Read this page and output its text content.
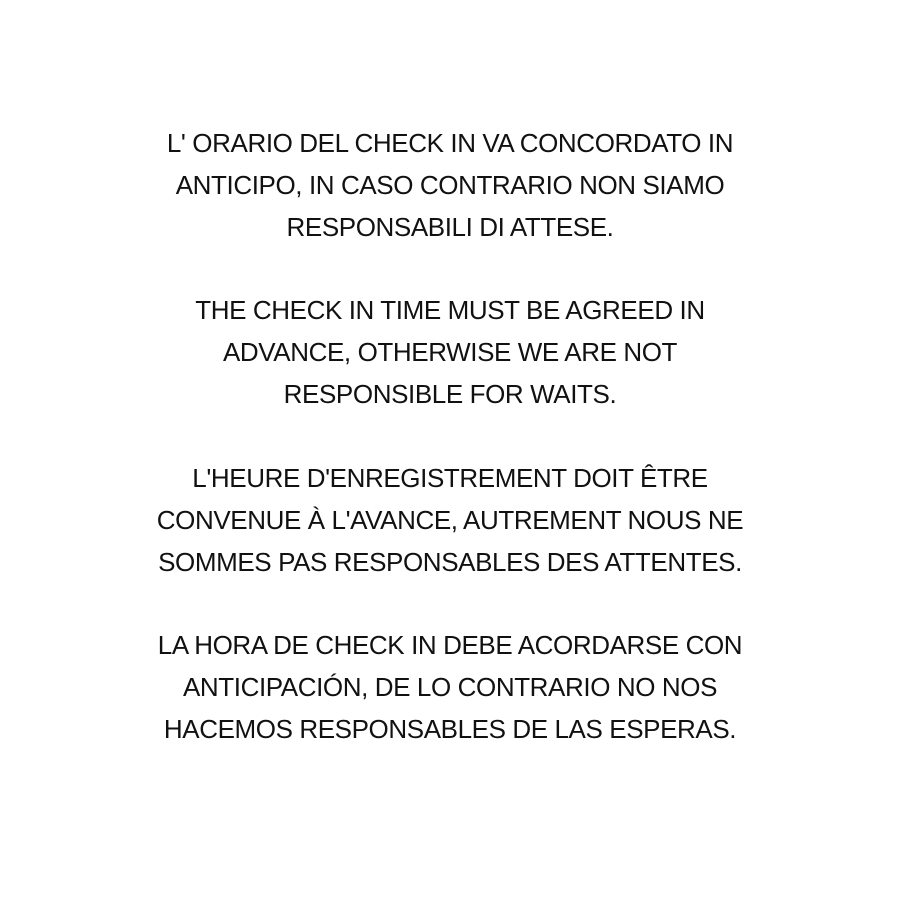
L' ORARIO DEL CHECK IN VA CONCORDATO IN
ANTICIPO, IN CASO CONTRARIO NON SIAMO
RESPONSABILI DI ATTESE.
THE CHECK IN TIME MUST BE AGREED IN
ADVANCE, OTHERWISE WE ARE NOT
RESPONSIBLE FOR WAITS.
L'HEURE D'ENREGISTREMENT DOIT ÊTRE
CONVENUE À L'AVANCE, AUTREMENT NOUS NE
SOMMES PAS RESPONSABLES DES ATTENTES.
LA HORA DE CHECK IN DEBE ACORDARSE CON
ANTICIPACIÓN, DE LO CONTRARIO NO NOS
HACEMOS RESPONSABLES DE LAS ESPERAS.
